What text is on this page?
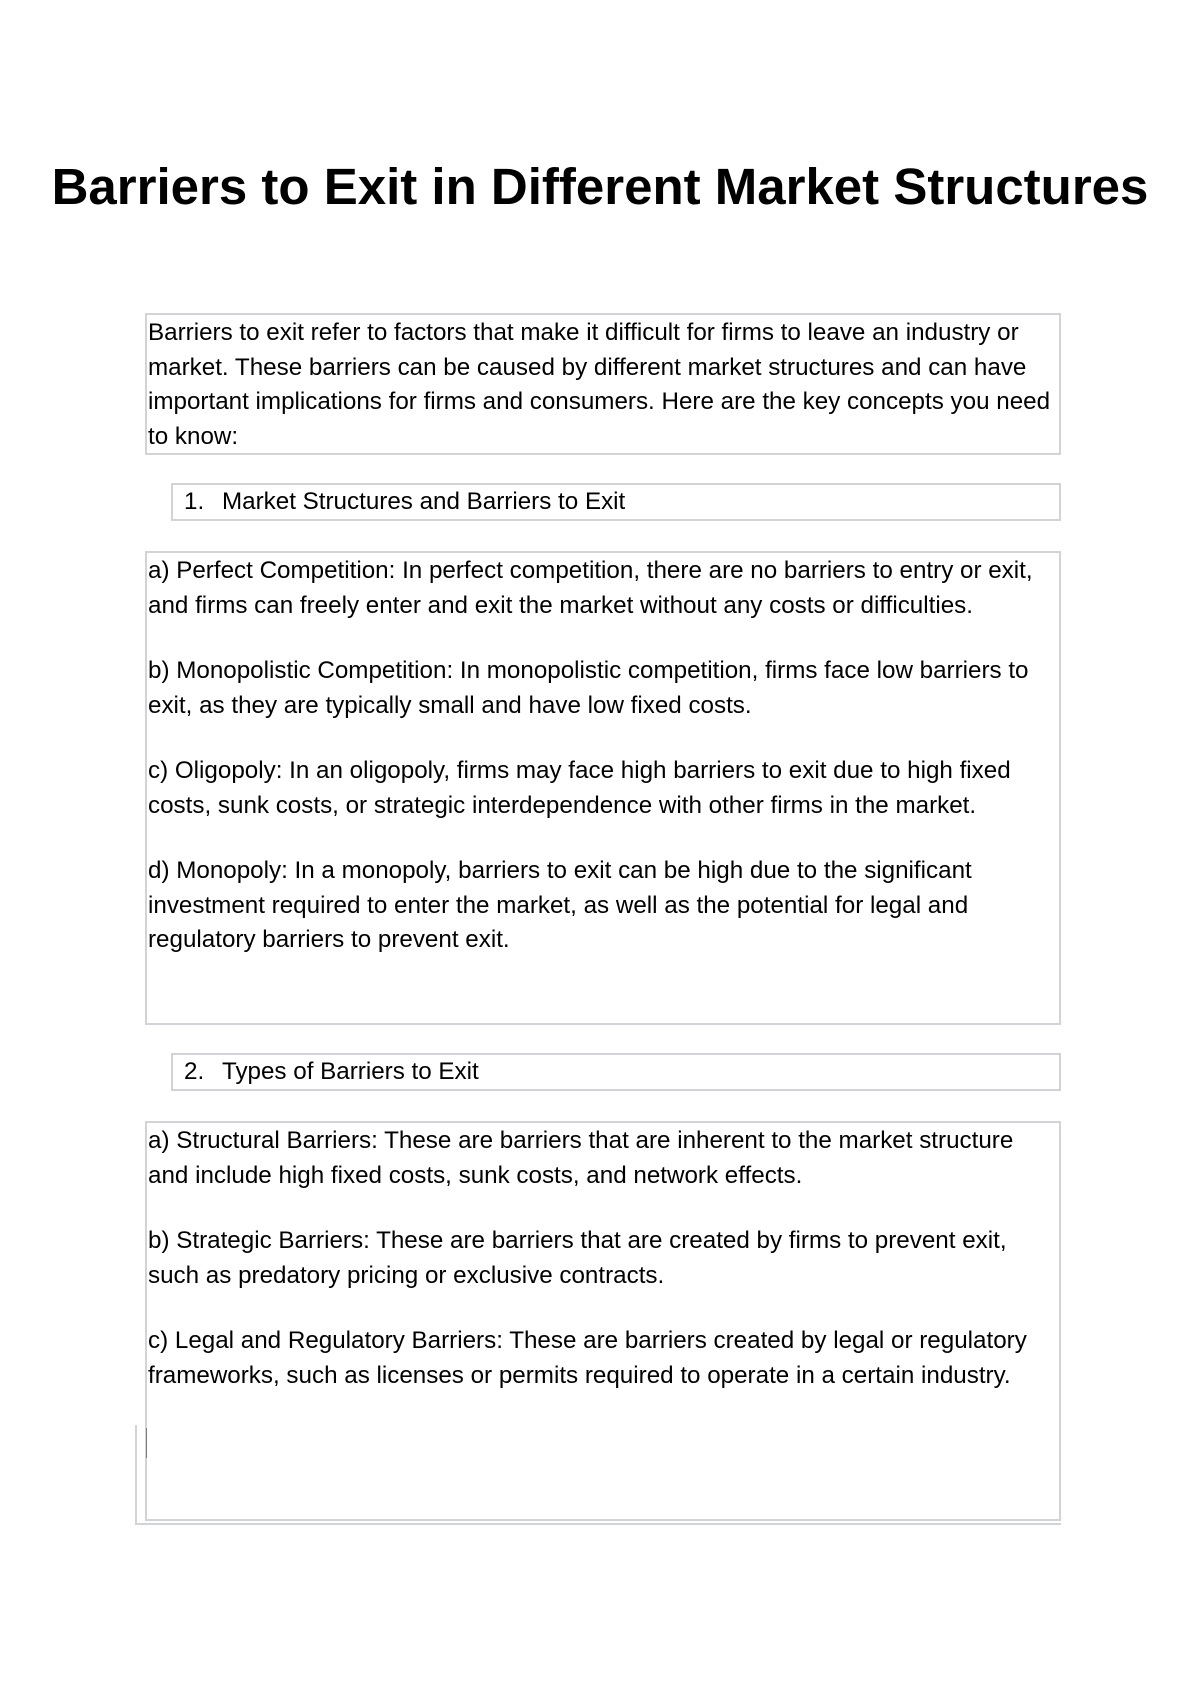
Barriers to Exit in Different Market Structures

Barriers to exit refer to factors that make it difficult for firms to leave an industry or market. These barriers can be caused by different market structures and can have important implications for firms and consumers. Here are the key concepts you need to know:

1. Market Structures and Barriers to Exit

a) Perfect Competition: In perfect competition, there are no barriers to entry or exit, and firms can freely enter and exit the market without any costs or difficulties.

b) Monopolistic Competition: In monopolistic competition, firms face low barriers to exit, as they are typically small and have low fixed costs.

c) Oligopoly: In an oligopoly, firms may face high barriers to exit due to high fixed costs, sunk costs, or strategic interdependence with other firms in the market.

d) Monopoly: In a monopoly, barriers to exit can be high due to the significant investment required to enter the market, as well as the potential for legal and regulatory barriers to prevent exit.

2. Types of Barriers to Exit

a) Structural Barriers: These are barriers that are inherent to the market structure and include high fixed costs, sunk costs, and network effects.

b) Strategic Barriers: These are barriers that are created by firms to prevent exit, such as predatory pricing or exclusive contracts.

c) Legal and Regulatory Barriers: These are barriers created by legal or regulatory frameworks, such as licenses or permits required to operate in a certain industry.
